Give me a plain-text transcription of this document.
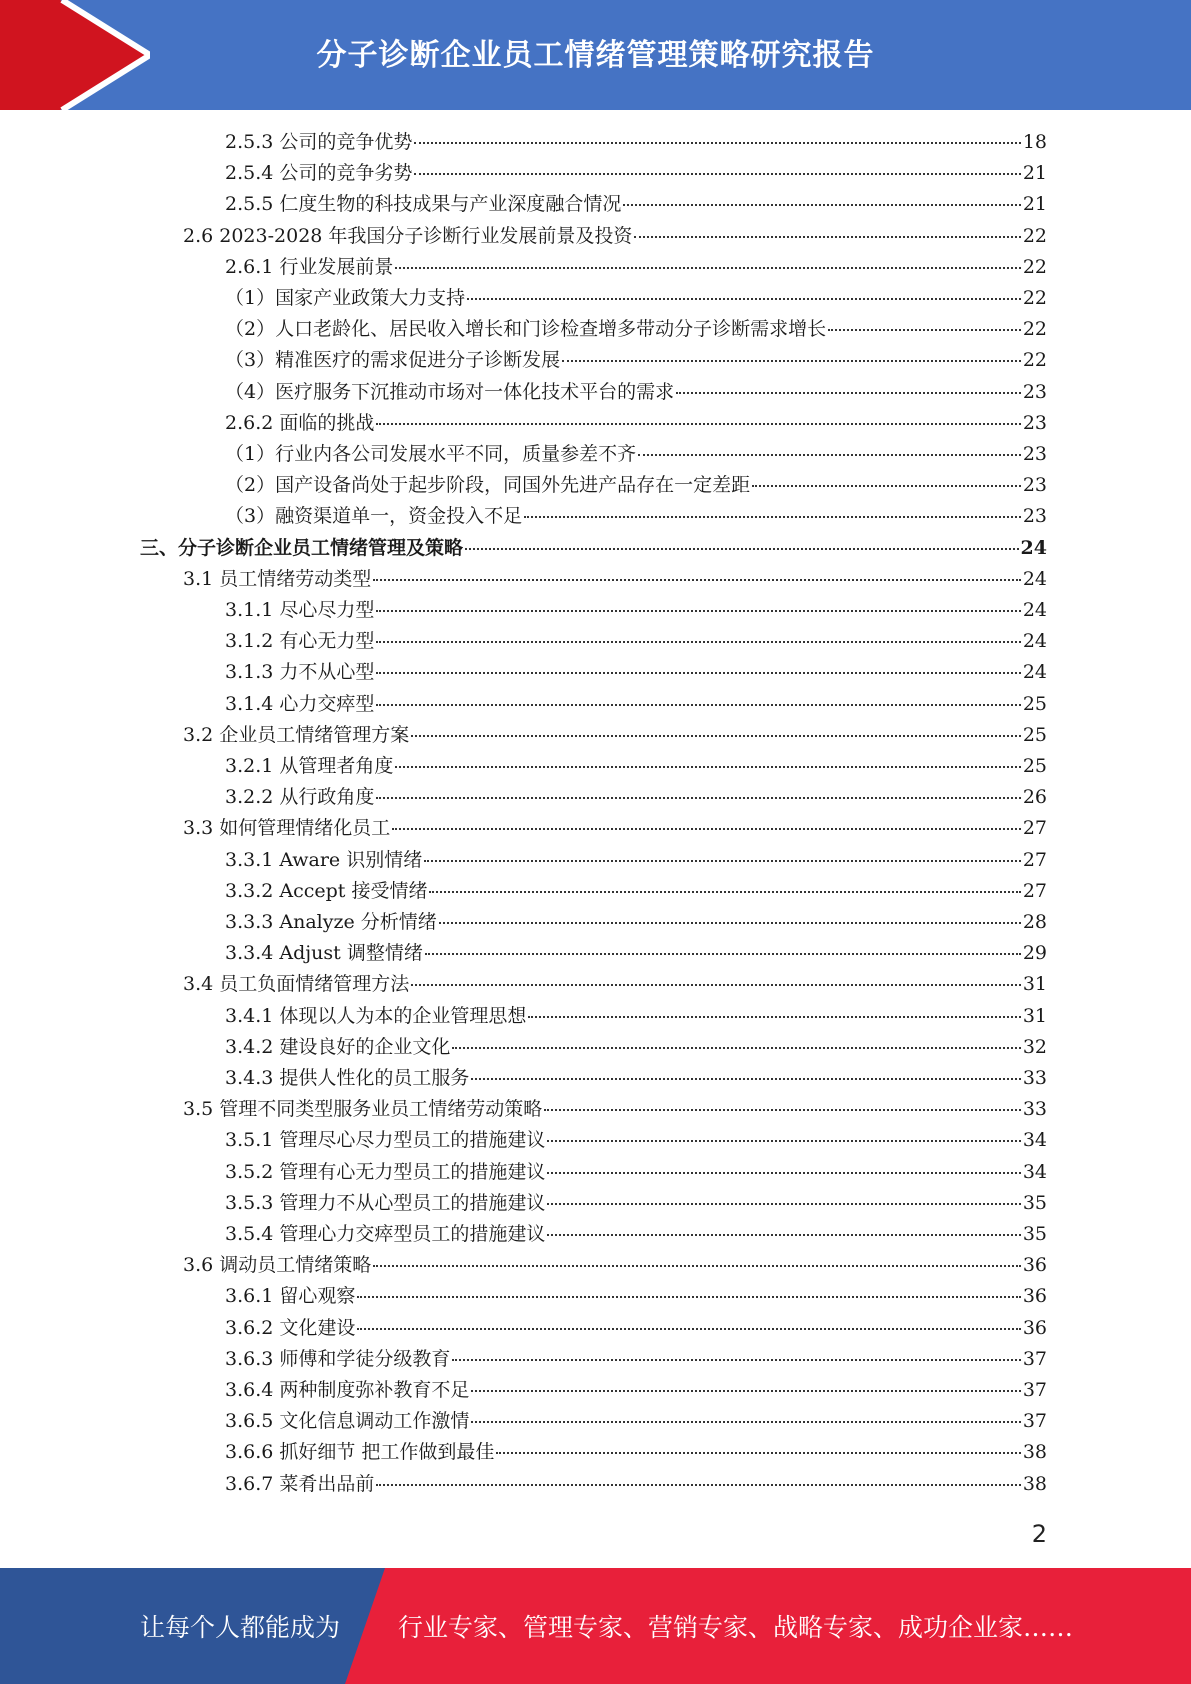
分子诊断企业员工情绪管理策略研究报告
2.5.3 公司的竞争优势	18
2.5.4 公司的竞争劣势	21
2.5.5 仁度生物的科技成果与产业深度融合情况	21
2.6 2023-2028 年我国分子诊断行业发展前景及投资	22
2.6.1 行业发展前景	22
（1）国家产业政策大力支持	22
（2）人口老龄化、居民收入增长和门诊检查增多带动分子诊断需求增长	22
（3）精准医疗的需求促进分子诊断发展	22
（4）医疗服务下沉推动市场对一体化技术平台的需求	23
2.6.2 面临的挑战	23
（1）行业内各公司发展水平不同，质量参差不齐	23
（2）国产设备尚处于起步阶段，同国外先进产品存在一定差距	23
（3）融资渠道单一，资金投入不足	23
三、分子诊断企业员工情绪管理及策略	24
3.1 员工情绪劳动类型	24
3.1.1 尽心尽力型	24
3.1.2 有心无力型	24
3.1.3 力不从心型	24
3.1.4 心力交瘁型	25
3.2 企业员工情绪管理方案	25
3.2.1 从管理者角度	25
3.2.2 从行政角度	26
3.3 如何管理情绪化员工	27
3.3.1 Aware 识别情绪	27
3.3.2 Accept 接受情绪	27
3.3.3 Analyze 分析情绪	28
3.3.4 Adjust 调整情绪	29
3.4 员工负面情绪管理方法	31
3.4.1 体现以人为本的企业管理思想	31
3.4.2 建设良好的企业文化	32
3.4.3 提供人性化的员工服务	33
3.5 管理不同类型服务业员工情绪劳动策略	33
3.5.1 管理尽心尽力型员工的措施建议	34
3.5.2 管理有心无力型员工的措施建议	34
3.5.3 管理力不从心型员工的措施建议	35
3.5.4 管理心力交瘁型员工的措施建议	35
3.6 调动员工情绪策略	36
3.6.1 留心观察	36
3.6.2 文化建设	36
3.6.3 师傅和学徒分级教育	37
3.6.4 两种制度弥补教育不足	37
3.6.5 文化信息调动工作激情	37
3.6.6 抓好细节 把工作做到最佳	38
3.6.7 菜肴出品前	38
2
让每个人都能成为 行业专家、管理专家、营销专家、战略专家、成功企业家……
